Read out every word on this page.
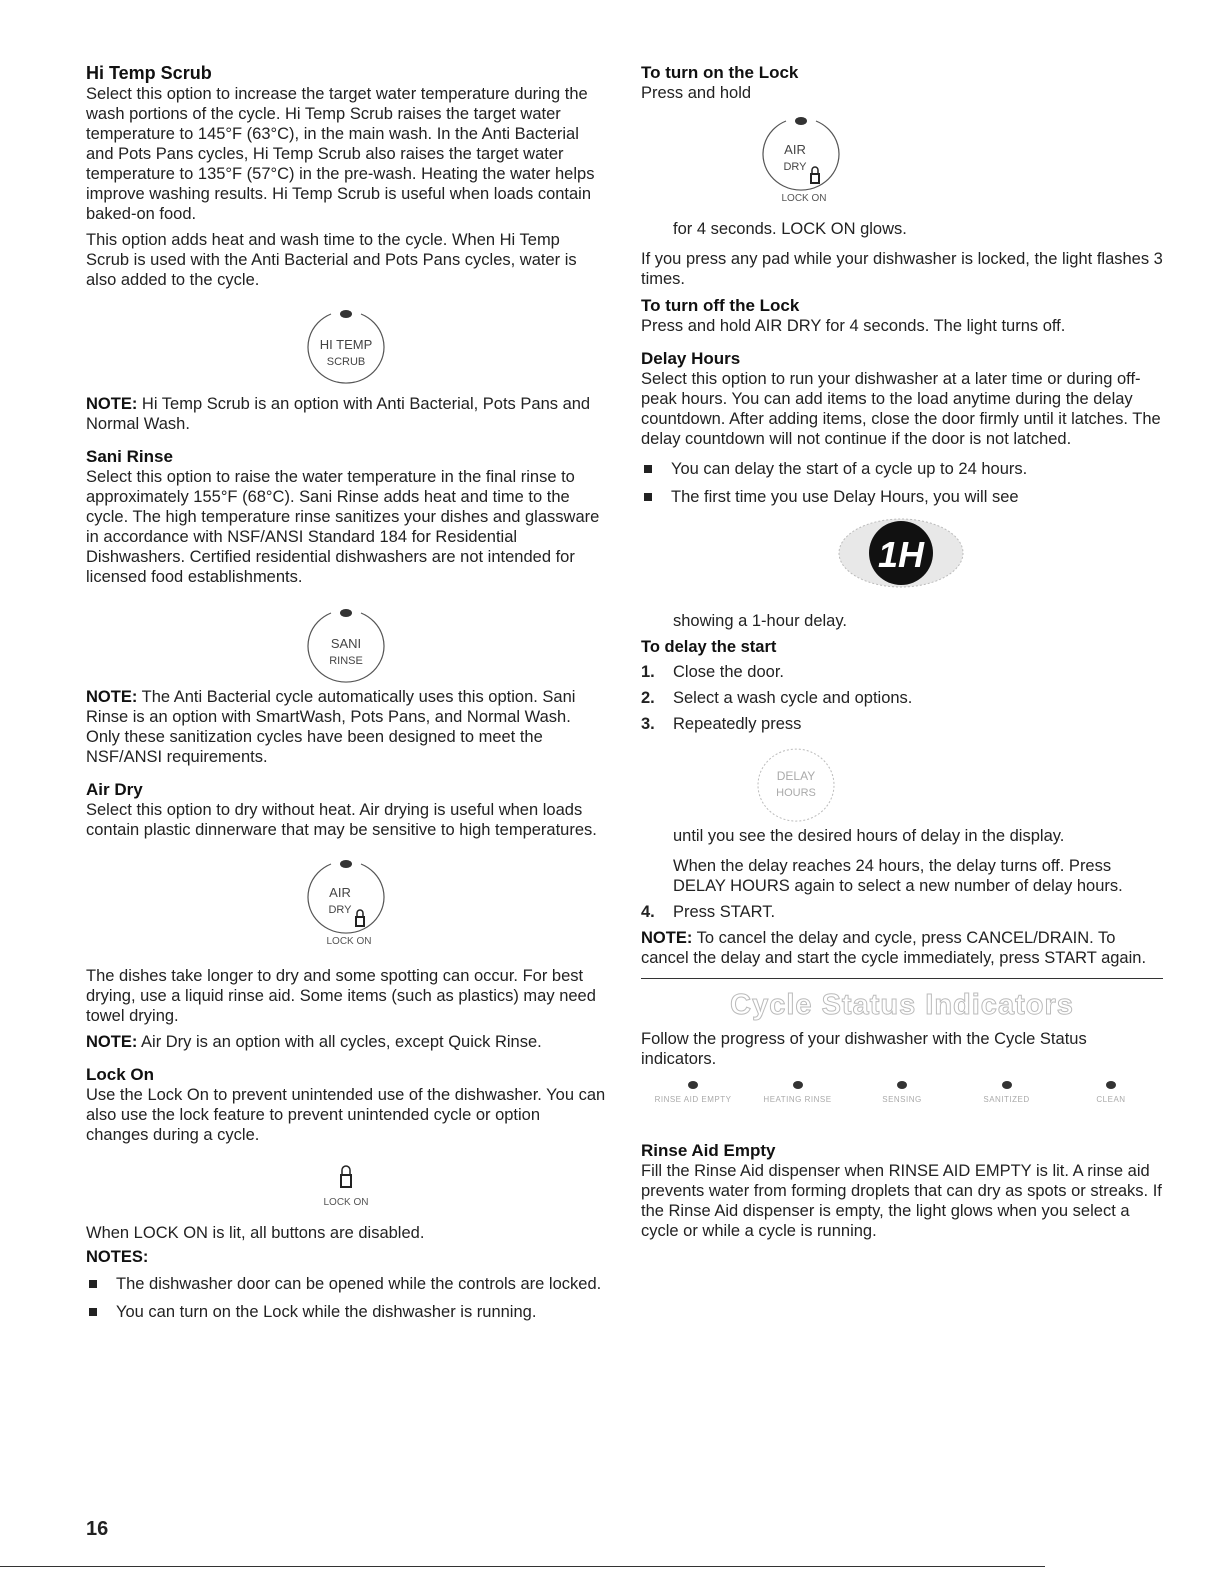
Hi Temp Scrub

Select this option to increase the target water temperature during the wash portions of the cycle. Hi Temp Scrub raises the target water temperature to 145°F (63°C), in the main wash. In the Anti Bacterial and Pots Pans cycles, Hi Temp Scrub also raises the target water temperature to 135°F (57°C) in the pre-wash. Heating the water helps improve washing results. Hi Temp Scrub is useful when loads contain baked-on food.

This option adds heat and wash time to the cycle. When Hi Temp Scrub is used with the Anti Bacterial and Pots Pans cycles, water is also added to the cycle.

HI TEMP
SCRUB

NOTE: Hi Temp Scrub is an option with Anti Bacterial, Pots Pans and Normal Wash.

Sani Rinse

Select this option to raise the water temperature in the final rinse to approximately 155°F (68°C). Sani Rinse adds heat and time to the cycle. The high temperature rinse sanitizes your dishes and glassware in accordance with NSF/ANSI Standard 184 for Residential Dishwashers. Certified residential dishwashers are not intended for licensed food establishments.

SANI
RINSE

NOTE: The Anti Bacterial cycle automatically uses this option. Sani Rinse is an option with SmartWash, Pots Pans, and Normal Wash. Only these sanitization cycles have been designed to meet the NSF/ANSI requirements.

Air Dry

Select this option to dry without heat. Air drying is useful when loads contain plastic dinnerware that may be sensitive to high temperatures.

AIR
DRY
LOCK ON

The dishes take longer to dry and some spotting can occur. For best drying, use a liquid rinse aid. Some items (such as plastics) may need towel drying.

NOTE: Air Dry is an option with all cycles, except Quick Rinse.

Lock On

Use the Lock On to prevent unintended use of the dishwasher. You can also use the lock feature to prevent unintended cycle or option changes during a cycle.

LOCK ON

When LOCK ON is lit, all buttons are disabled.

NOTES:
The dishwasher door can be opened while the controls are locked.
You can turn on the Lock while the dishwasher is running.
To turn on the Lock

Press and hold

AIR
DRY
LOCK ON

for 4 seconds. LOCK ON glows.

If you press any pad while your dishwasher is locked, the light flashes 3 times.

To turn off the Lock

Press and hold AIR DRY for 4 seconds. The light turns off.

Delay Hours

Select this option to run your dishwasher at a later time or during off-peak hours. You can add items to the load anytime during the delay countdown. After adding items, close the door firmly until it latches. The delay countdown will not continue if the door is not latched.

You can delay the start of a cycle up to 24 hours.
The first time you use Delay Hours, you will see
1H

showing a 1-hour delay.

To delay the start
1. Close the door.
2. Select a wash cycle and options.
3. Repeatedly press
DELAY
HOURS

until you see the desired hours of delay in the display.

When the delay reaches 24 hours, the delay turns off. Press DELAY HOURS again to select a new number of delay hours.

4. Press START.

NOTE: To cancel the delay and cycle, press CANCEL/DRAIN. To cancel the delay and start the cycle immediately, press START again.

Cycle Status Indicators

Follow the progress of your dishwasher with the Cycle Status indicators.

RINSE AID EMPTY	HEATING RINSE	SENSING	SANITIZED	CLEAN
Rinse Aid Empty

Fill the Rinse Aid dispenser when RINSE AID EMPTY is lit. A rinse aid prevents water from forming droplets that can dry as spots or streaks. If the Rinse Aid dispenser is empty, the light glows when you select a cycle or while a cycle is running.

16
